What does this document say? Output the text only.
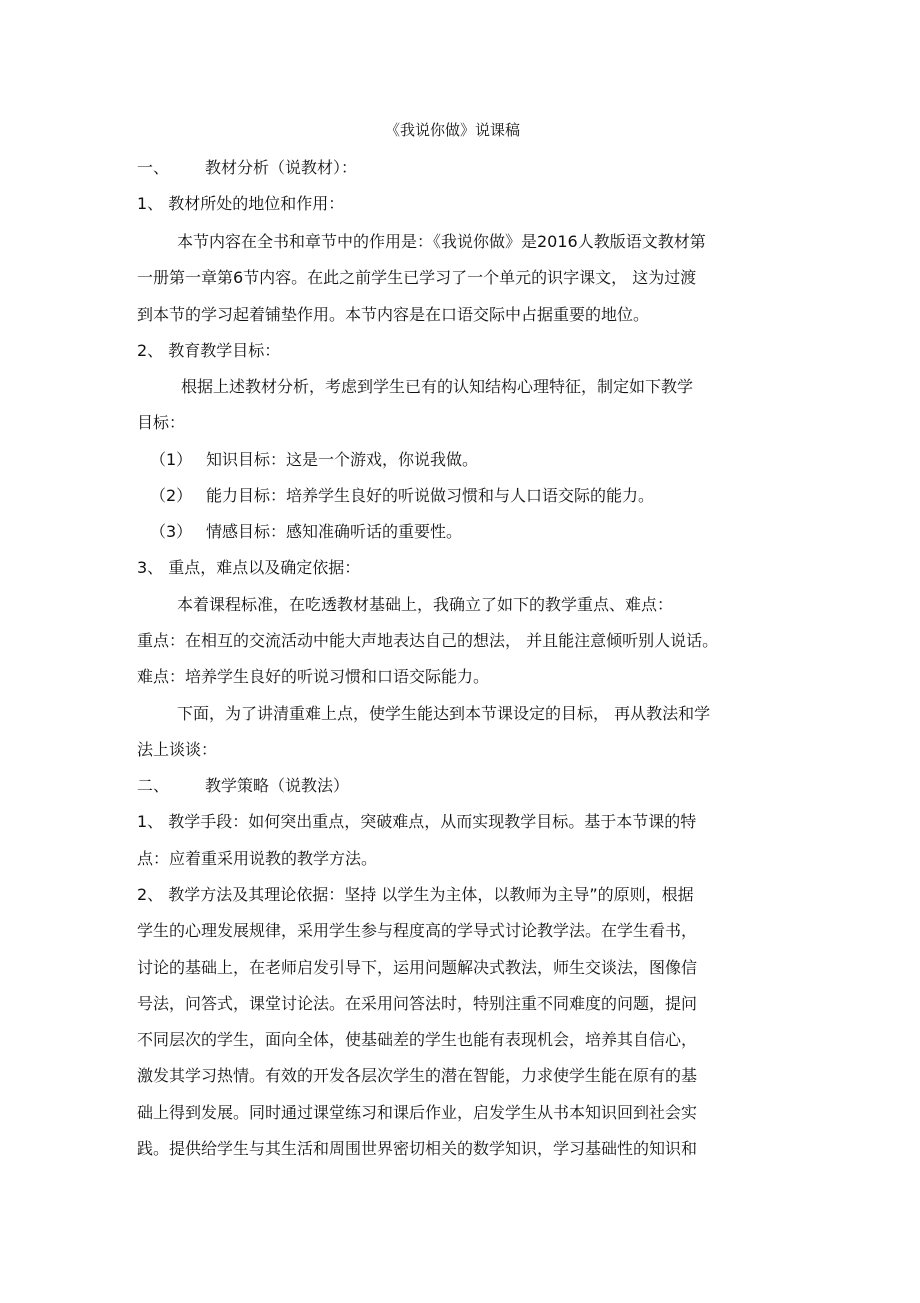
《我说你做》说课稿
一、 教材分析（说教材）：
1、 教材所处的地位和作用：
本节内容在全书和章节中的作用是：《我说你做》是2016人教版语文教材第
一册第一章第6节内容。在此之前学生已学习了一个单元的识字课文， 这为过渡
到本节的学习起着铺垫作用。本节内容是在口语交际中占据重要的地位。
2、 教育教学目标：
根据上述教材分析，考虑到学生已有的认知结构心理特征，制定如下教学
目标：
（1） 知识目标：这是一个游戏，你说我做。
（2） 能力目标：培养学生良好的听说做习惯和与人口语交际的能力。
（3） 情感目标：感知准确听话的重要性。
3、 重点，难点以及确定依据：
本着课程标准，在吃透教材基础上，我确立了如下的教学重点、难点：
重点：在相互的交流活动中能大声地表达自己的想法， 并且能注意倾听别人说话。
难点：培养学生良好的听说习惯和口语交际能力。
下面，为了讲清重难上点，使学生能达到本节课设定的目标， 再从教法和学
法上谈谈：
二、 教学策略（说教法）
1、 教学手段：如何突出重点，突破难点，从而实现教学目标。基于本节课的特
点：应着重采用说教的教学方法。
2、 教学方法及其理论依据：坚持 以学生为主体，以教师为主导”的原则，根据
学生的心理发展规律，采用学生参与程度高的学导式讨论教学法。在学生看书，
讨论的基础上，在老师启发引导下，运用问题解决式教法，师生交谈法，图像信
号法，问答式，课堂讨论法。在采用问答法时，特别注重不同难度的问题，提问
不同层次的学生，面向全体，使基础差的学生也能有表现机会，培养其自信心，
激发其学习热情。有效的开发各层次学生的潜在智能，力求使学生能在原有的基
础上得到发展。同时通过课堂练习和课后作业，启发学生从书本知识回到社会实
践。提供给学生与其生活和周围世界密切相关的数学知识，学习基础性的知识和
